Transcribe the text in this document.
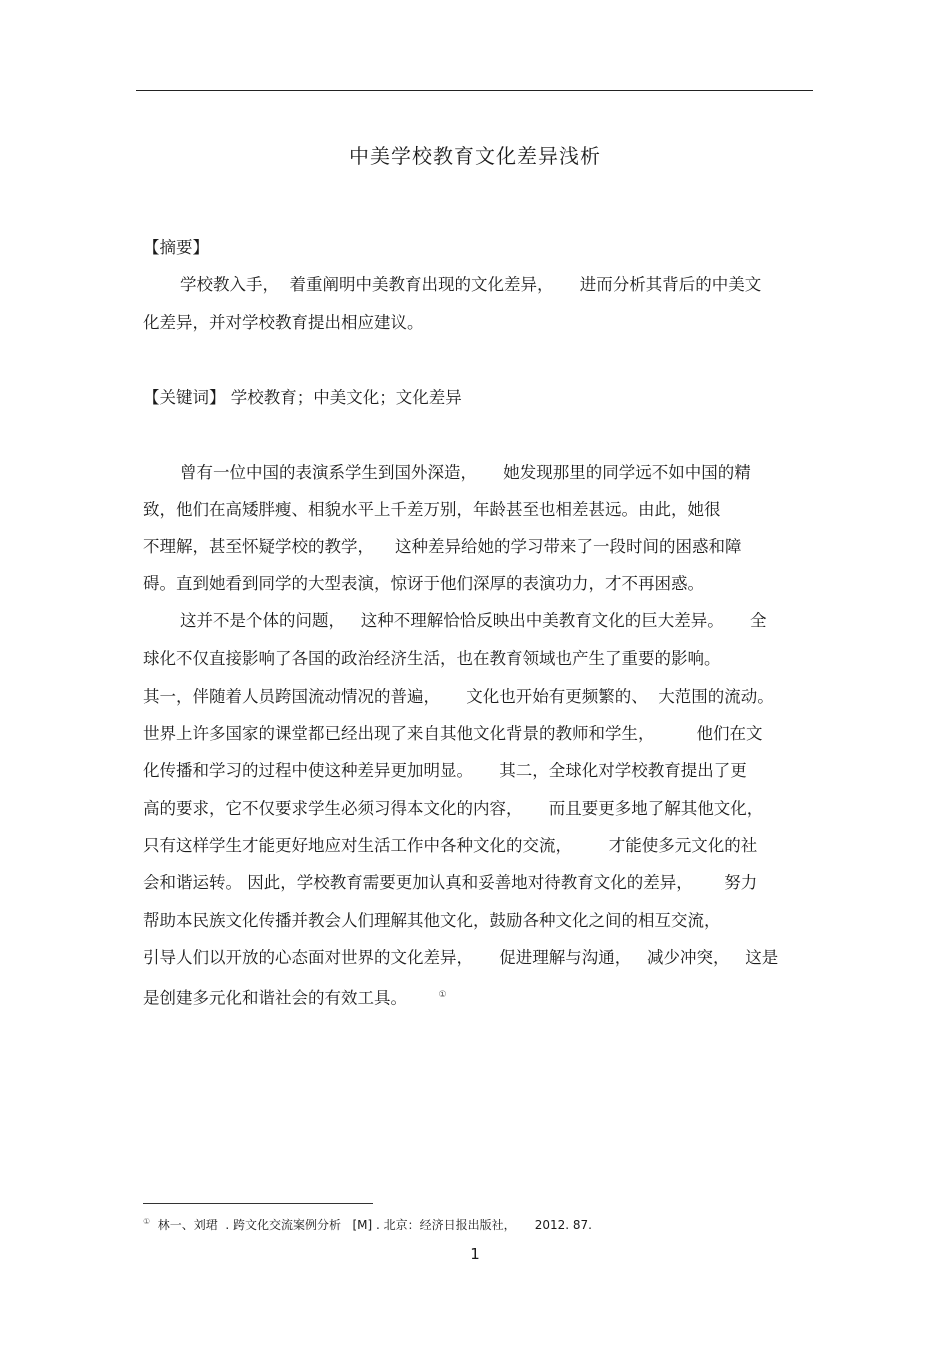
中美学校教育文化差异浅析
【摘要】
学校教入手，  着重阐明中美教育出现的文化差异，     进而分析其背后的中美文
化差异，并对学校教育提出相应建议。
【关键词】 学校教育；中美文化；文化差异
曾有一位中国的表演系学生到国外深造，     她发现那里的同学远不如中国的精
致，他们在高矮胖瘦、相貌水平上千差万别，年龄甚至也相差甚远。由此，她很
不理解，甚至怀疑学校的教学，    这种差异给她的学习带来了一段时间的困惑和障
碍。直到她看到同学的大型表演，惊讶于他们深厚的表演功力，才不再困惑。
这并不是个体的问题，   这种不理解恰恰反映出中美教育文化的巨大差异。     全
球化不仅直接影响了各国的政治经济生活，也在教育领域也产生了重要的影响。
其一，伴随着人员跨国流动情况的普遍，     文化也开始有更频繁的、  大范围的流动。
世界上许多国家的课堂都已经出现了来自其他文化背景的教师和学生，        他们在文
化传播和学习的过程中使这种差异更加明显。     其二，全球化对学校教育提出了更
高的要求，它不仅要求学生必须习得本文化的内容，     而且要更多地了解其他文化，
只有这样学生才能更好地应对生活工作中各种文化的交流，       才能使多元文化的社
会和谐运转。 因此，学校教育需要更加认真和妥善地对待教育文化的差异，      努力
帮助本民族文化传播并教会人们理解其他文化，鼓励各种文化之间的相互交流，
引导人们以开放的心态面对世界的文化差异，     促进理解与沟通，   减少冲突，   这是
是创建多元化和谐社会的有效工具。	①
①  林一、刘珺  . 跨文化交流案例分析   [M] . 北京：经济日报出版社，     2012. 87.
1
